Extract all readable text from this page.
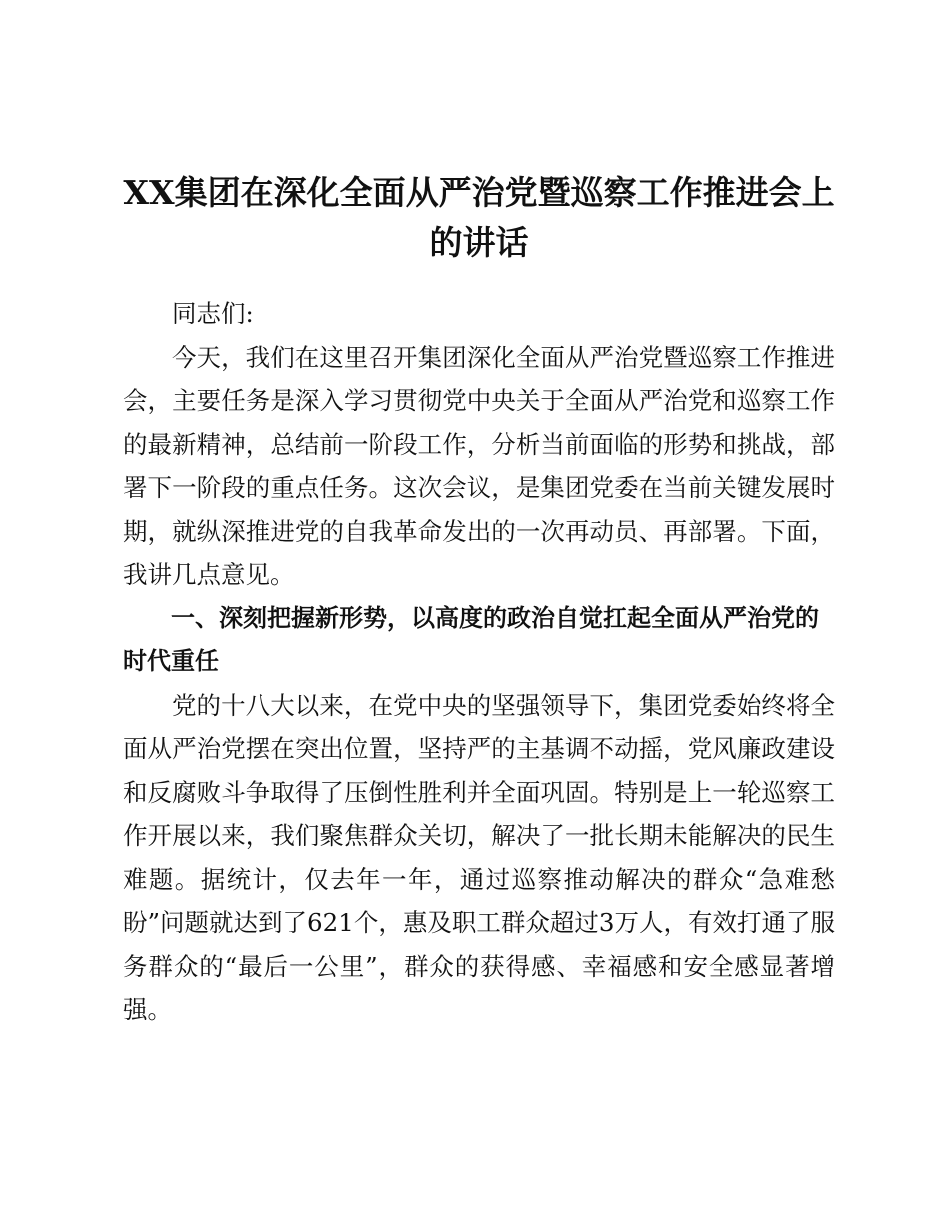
XX集团在深化全面从严治党暨巡察工作推进会上的讲话

同志们:

今天，我们在这里召开集团深化全面从严治党暨巡察工作推进会，主要任务是深入学习贯彻党中央关于全面从严治党和巡察工作的最新精神，总结前一阶段工作，分析当前面临的形势和挑战，部署下一阶段的重点任务。这次会议，是集团党委在当前关键发展时期，就纵深推进党的自我革命发出的一次再动员、再部署。下面，我讲几点意见。

一、深刻把握新形势，以高度的政治自觉扛起全面从严治党的时代重任

党的十八大以来，在党中央的坚强领导下，集团党委始终将全面从严治党摆在突出位置，坚持严的主基调不动摇，党风廉政建设和反腐败斗争取得了压倒性胜利并全面巩固。特别是上一轮巡察工作开展以来，我们聚焦群众关切，解决了一批长期未能解决的民生难题。据统计，仅去年一年，通过巡察推动解决的群众“急难愁盼”问题就达到了621个，惠及职工群众超过3万人，有效打通了服务群众的“最后一公里”，群众的获得感、幸福感和安全感显著增强。
